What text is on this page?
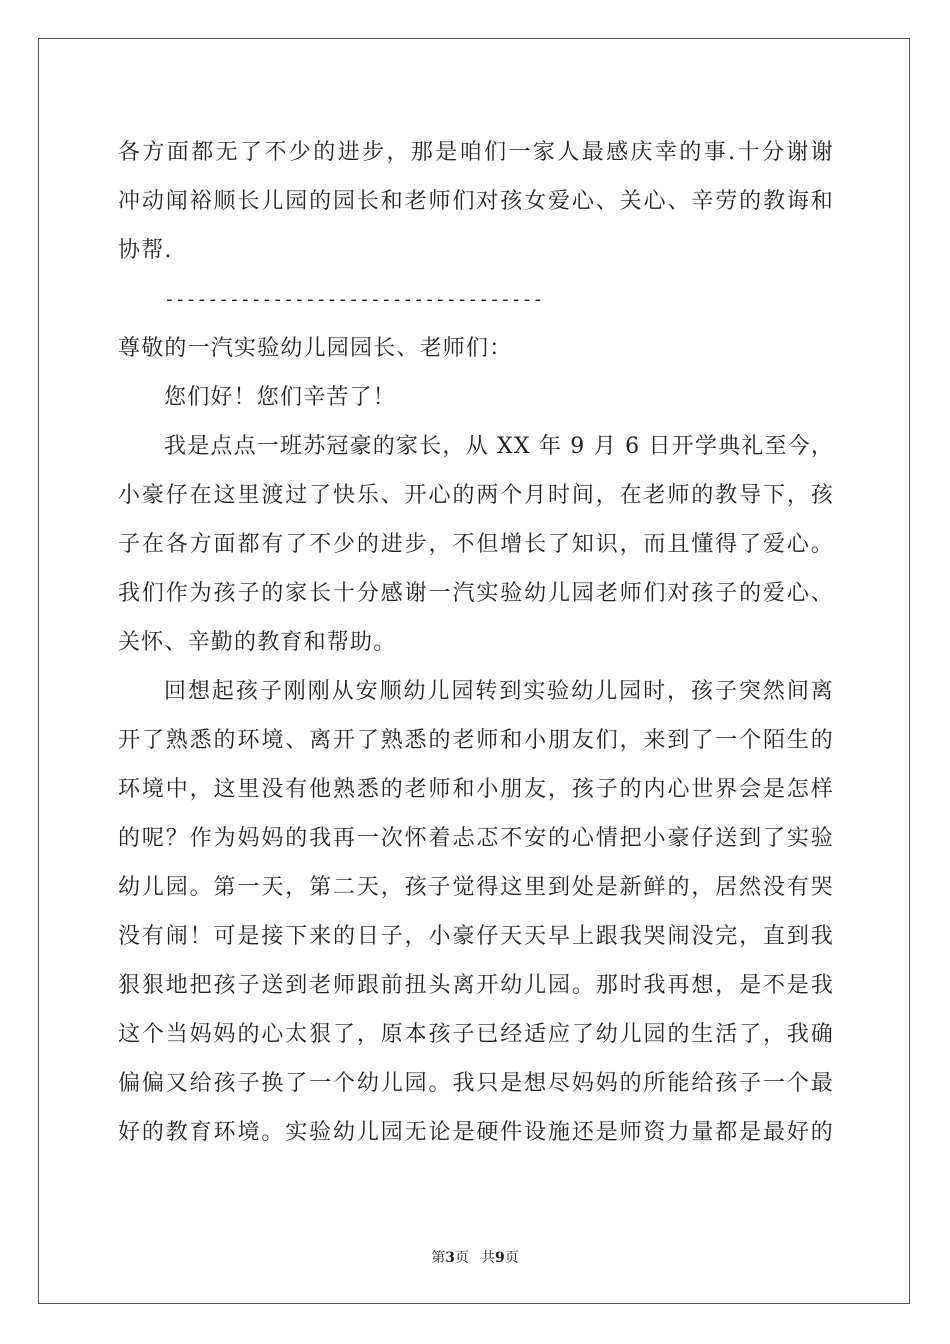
各方面都无了不少的进步，那是咱们一家人最感庆幸的事.十分谢谢
冲动闻裕顺长儿园的园长和老师们对孩女爱心、关心、辛劳的教诲和
协帮.
-----------------------------------
尊敬的一汽实验幼儿园园长、老师们：
您们好！您们辛苦了！
我是点点一班苏冠豪的家长，从 XX 年 9 月 6 日开学典礼至今，
小豪仔在这里渡过了快乐、开心的两个月时间，在老师的教导下，孩
子在各方面都有了不少的进步，不但增长了知识，而且懂得了爱心。
我们作为孩子的家长十分感谢一汽实验幼儿园老师们对孩子的爱心、
关怀、辛勤的教育和帮助。
回想起孩子刚刚从安顺幼儿园转到实验幼儿园时，孩子突然间离
开了熟悉的环境、离开了熟悉的老师和小朋友们，来到了一个陌生的
环境中，这里没有他熟悉的老师和小朋友，孩子的内心世界会是怎样
的呢？作为妈妈的我再一次怀着忐忑不安的心情把小豪仔送到了实验
幼儿园。第一天，第二天，孩子觉得这里到处是新鲜的，居然没有哭
没有闹！可是接下来的日子，小豪仔天天早上跟我哭闹没完，直到我
狠狠地把孩子送到老师跟前扭头离开幼儿园。那时我再想，是不是我
这个当妈妈的心太狠了，原本孩子已经适应了幼儿园的生活了，我确
偏偏又给孩子换了一个幼儿园。我只是想尽妈妈的所能给孩子一个最
好的教育环境。实验幼儿园无论是硬件设施还是师资力量都是最好的
第3页 共9页
